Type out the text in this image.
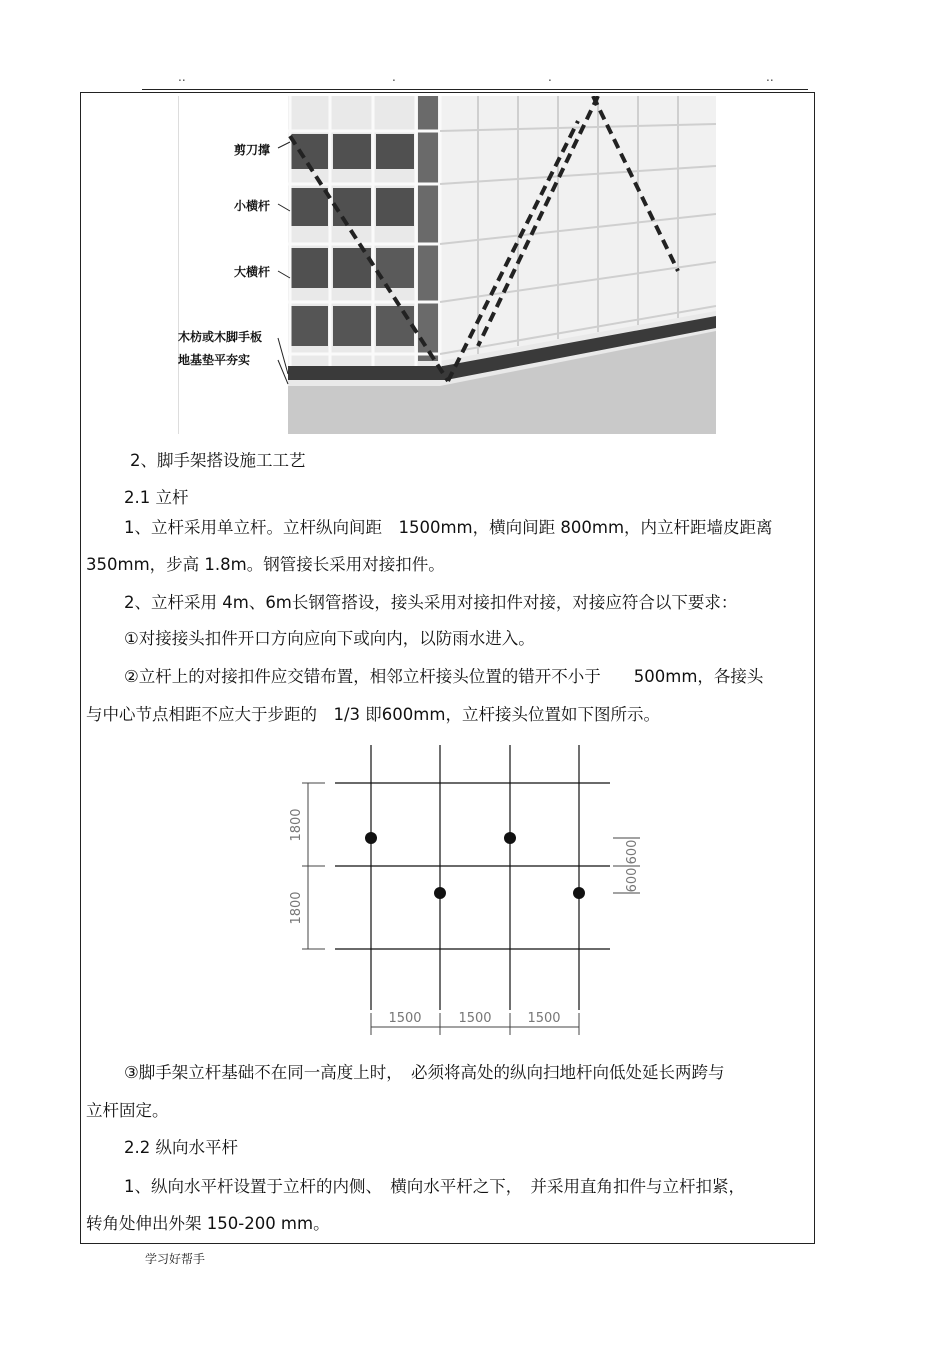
..	.	.	..
剪刀撑
小横杆
大横杆
木枋或木脚手板
地基垫平夯实
2、脚手架搭设施工工艺
2.1 立杆
1、立杆采用单立杆。立杆纵向间距　1500mm，横向间距 800mm，内立杆距墙皮距离
350mm，步高 1.8m。钢管接长采用对接扣件。
2、立杆采用 4m、6m长钢管搭设，接头采用对接扣件对接，对接应符合以下要求：
①对接接头扣件开口方向应向下或向内，以防雨水进入。
②立杆上的对接扣件应交错布置，相邻立杆接头位置的错开不小于　　500mm，各接头
与中心节点相距不应大于步距的　1/3 即600mm，立杆接头位置如下图所示。
1800
1800
600
600
1500	1500	1500
③脚手架立杆基础不在同一高度上时，　必须将高处的纵向扫地杆向低处延长两跨与
立杆固定。
2.2 纵向水平杆
1、纵向水平杆设置于立杆的内侧、　横向水平杆之下，　并采用直角扣件与立杆扣紧，
转角处伸出外架 150-200 mm。
学习好帮手
